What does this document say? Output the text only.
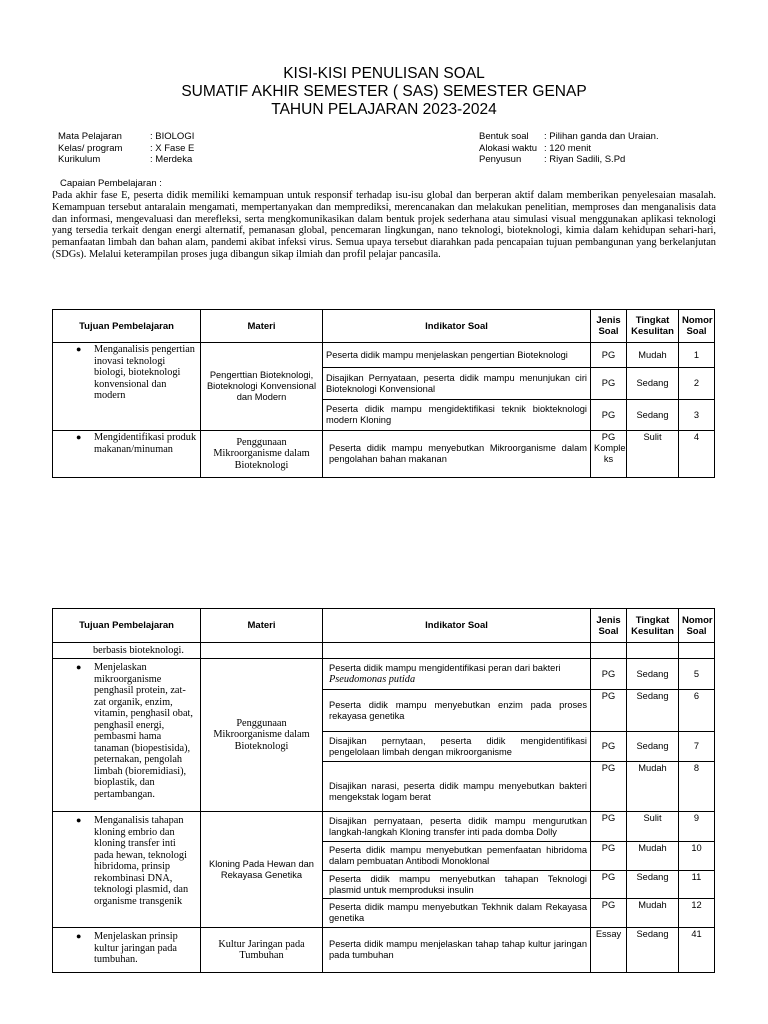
KISI-KISI PENULISAN SOAL
SUMATIF AKHIR SEMESTER ( SAS) SEMESTER GENAP
TAHUN PELAJARAN 2023-2024
Mata Pelajaran	: BIOLOGI
Kelas/ program	: X Fase E
Kurikulum	: Merdeka
Bentuk soal	: Pilihan ganda dan Uraian.
Alokasi waktu : 120 menit
Penyusun	: Riyan Sadili, S.Pd
Capaian Pembelajaran :
Pada akhir fase E, peserta didik memiliki kemampuan untuk responsif terhadap isu-isu global dan berperan aktif dalam memberikan penyelesaian masalah. Kemampuan tersebut antaralain mengamati, mempertanyakan dan memprediksi, merencanakan dan melakukan penelitian, memproses dan menganalisis data dan informasi, mengevaluasi dan merefleksi, serta mengkomunikasikan dalam bentuk projek sederhana atau simulasi visual menggunakan aplikasi teknologi yang tersedia terkait dengan energi alternatif, pemanasan global, pencemaran lingkungan, nano teknologi, bioteknologi, kimia dalam kehidupan sehari-hari, pemanfaatan limbah dan bahan alam, pandemi akibat infeksi virus. Semua upaya tersebut diarahkan pada pencapaian tujuan pembangunan yang berkelanjutan (SDGs). Melalui keterampilan proses juga dibangun sikap ilmiah dan profil pelajar pancasila.
Tujuan Pembelajaran	Materi	Indikator Soal	Jenis Soal	Tingkat Kesulitan	Nomor Soal

● Menganalisis pengertian inovasi teknologi biologi, bioteknologi konvensional dan modern	Pengerttian Bioteknologi, Bioteknologi Konvensional dan Modern	Peserta didik mampu menjelaskan pengertian Bioteknologi	PG	Mudah	1
		Disajikan Pernyataan, peserta didik mampu menunjukan ciri Bioteknologi Konvensional	PG	Sedang	2
		Peserta didik mampu mengidektifikasi teknik biokteknologi modern Kloning	PG	Sedang	3

● Mengidentifikasi produk makanan/minuman	Penggunaan Mikroorganisme dalam Bioteknologi	Peserta didik mampu menyebutkan Mikroorganisme dalam pengolahan bahan makanan	PG Komple ks	Sulit	4
Tujuan Pembelajaran	Materi	Indikator Soal	Jenis Soal	Tingkat Kesulitan	Nomor Soal
berbasis bioteknologi.					

● Menjelaskan mikroorganisme penghasil protein, zat-zat organik, enzim, vitamin, penghasil obat, penghasil energi, pembasmi hama tanaman (biopestisida), peternakan, pengolah limbah (bioremidiasi), bioplastik, dan pertambangan.	Penggunaan Mikroorganisme dalam Bioteknologi	Peserta didik mampu mengidentifikasi peran dari bakteri
Pseudomonas putida	PG	Sedang	5
		Peserta didik mampu menyebutkan enzim pada proses rekayasa genetika	PG	Sedang	6
		Disajikan pernytaan, peserta didik mengidentifikasi pengelolaan limbah dengan mikroorganisme	PG	Sedang	7
		Disajikan narasi, peserta didik mampu menyebutkan bakteri mengekstak logam berat	PG	Mudah	8

● Menganalisis tahapan kloning embrio dan kloning transfer inti pada hewan, teknologi hibridoma, prinsip rekombinasi DNA, teknologi plasmid, dan organisme transgenik	Kloning Pada Hewan dan Rekayasa Genetika	Disajikan pernyataan, peserta didik mampu mengurutkan langkah-langkah Kloning transfer inti pada domba Dolly	PG	Sulit	9
		Peserta didik mampu menyebutkan pemenfaatan hibridoma dalam pembuatan Antibodi Monoklonal	PG	Mudah	10
		Peserta didik mampu menyebutkan tahapan Teknologi plasmid untuk memproduksi insulin	PG	Sedang	11
		Peserta didik mampu menyebutkan Tekhnik dalam Rekayasa genetika	PG	Mudah	12

● Menjelaskan prinsip kultur jaringan pada tumbuhan.	Kultur Jaringan pada Tumbuhan	Peserta didik mampu menjelaskan tahap tahap kultur jaringan pada tumbuhan	Essay	Sedang	41
